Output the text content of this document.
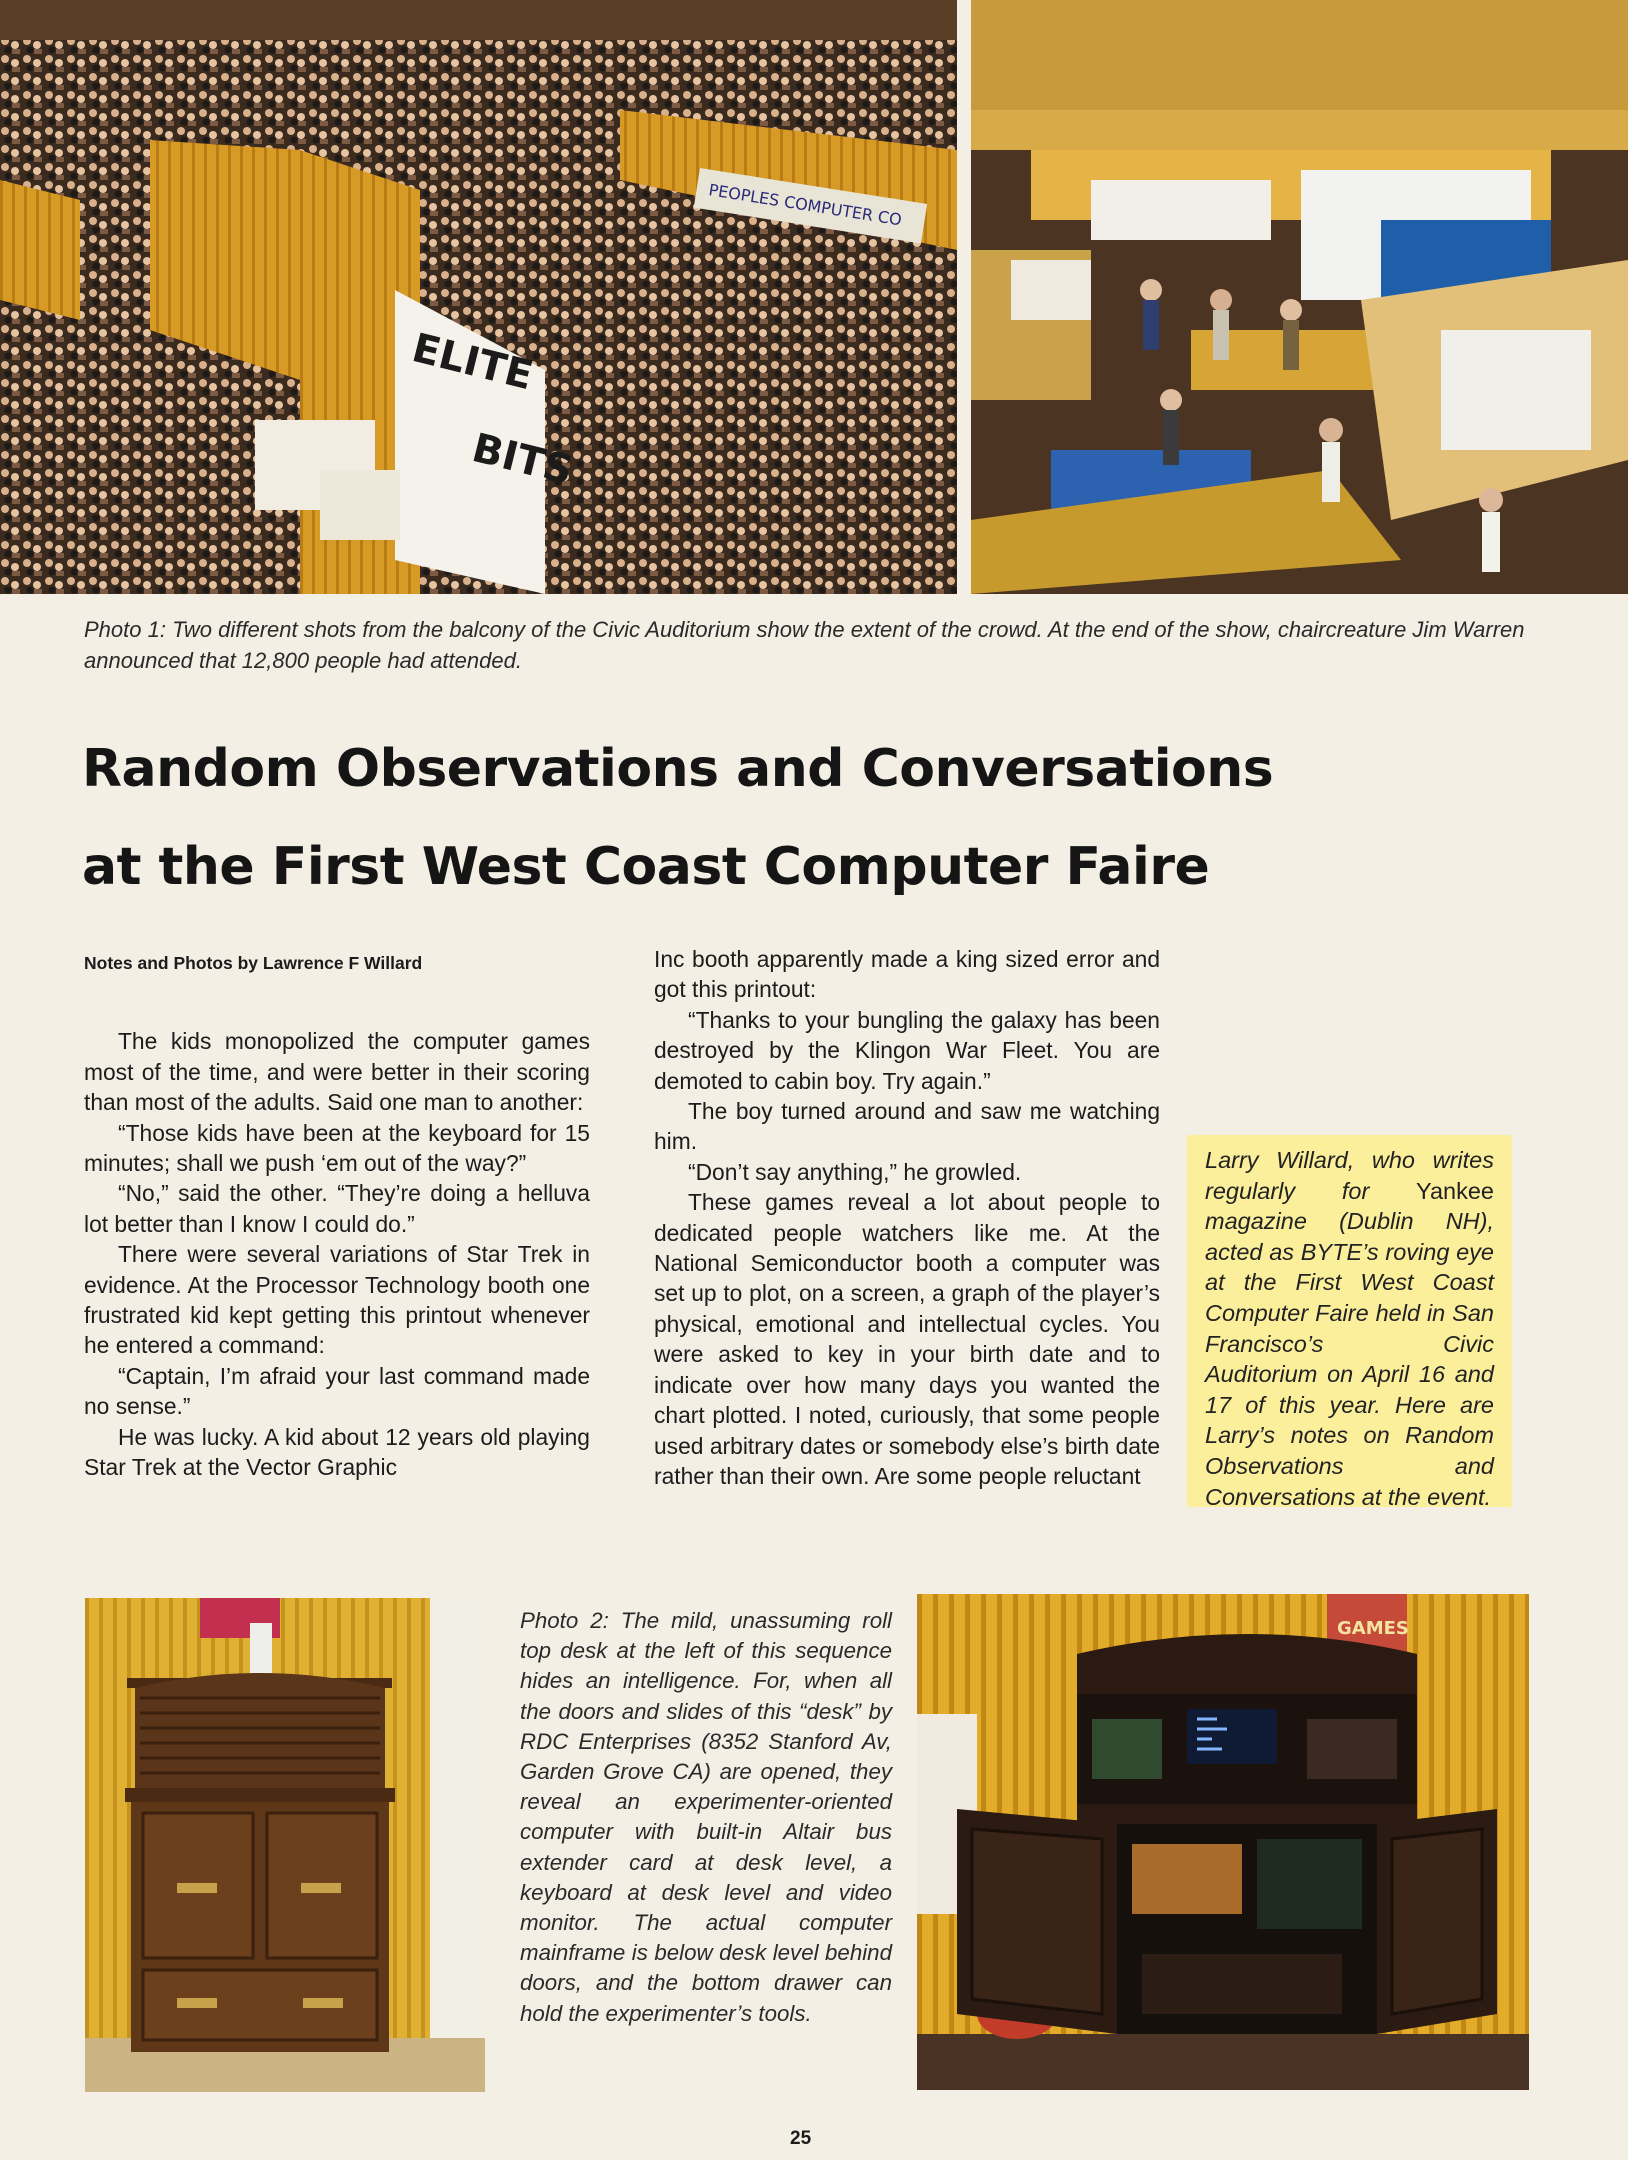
ELITE
BITS
PEOPLES COMPUTER CO
Photo 1: Two different shots from the balcony of the Civic Auditorium show the extent of the crowd. At the end of the show, chaircreature Jim Warren announced that 12,800 people had attended.
Random Observations and Conversations
at the First West Coast Computer Faire

Notes and Photos by Lawrence F Willard

The kids monopolized the computer games most of the time, and were better in their scoring than most of the adults. Said one man to another:

“Those kids have been at the keyboard for 15 minutes; shall we push ‘em out of the way?”

“No,” said the other. “They’re doing a helluva lot better than I know I could do.”

There were several variations of Star Trek in evidence. At the Processor Technology booth one frustrated kid kept getting this printout whenever he entered a command:

“Captain, I’m afraid your last command made no sense.”

He was lucky. A kid about 12 years old playing Star Trek at the Vector Graphic

Inc booth apparently made a king sized error and got this printout:

“Thanks to your bungling the galaxy has been destroyed by the Klingon War Fleet. You are demoted to cabin boy. Try again.”

The boy turned around and saw me watching him.

“Don’t say anything,” he growled.

These games reveal a lot about people to dedicated people watchers like me. At the National Semiconductor booth a computer was set up to plot, on a screen, a graph of the player’s physical, emotional and intellectual cycles. You were asked to key in your birth date and to indicate over how many days you wanted the chart plotted. I noted, curiously, that some people used arbitrary dates or somebody else’s birth date rather than their own. Are some people reluctant

Larry Willard, who writes regularly for Yankee magazine (Dublin NH), acted as BYTE’s roving eye at the First West Coast Computer Faire held in San Francisco’s Civic Auditorium on April 16 and 17 of this year. Here are Larry’s notes on Random Observations and Conversations at the event.
Photo 2: The mild, unassuming roll top desk at the left of this sequence hides an intelligence. For, when all the doors and slides of this “desk” by RDC Enterprises (8352 Stanford Av, Garden Grove CA) are opened, they reveal an experimenter-oriented computer with built-in Altair bus extender card at desk level, a keyboard at desk level and video monitor. The actual computer mainframe is below desk level behind doors, and the bottom drawer can hold the experimenter’s tools.
GAMES
25
